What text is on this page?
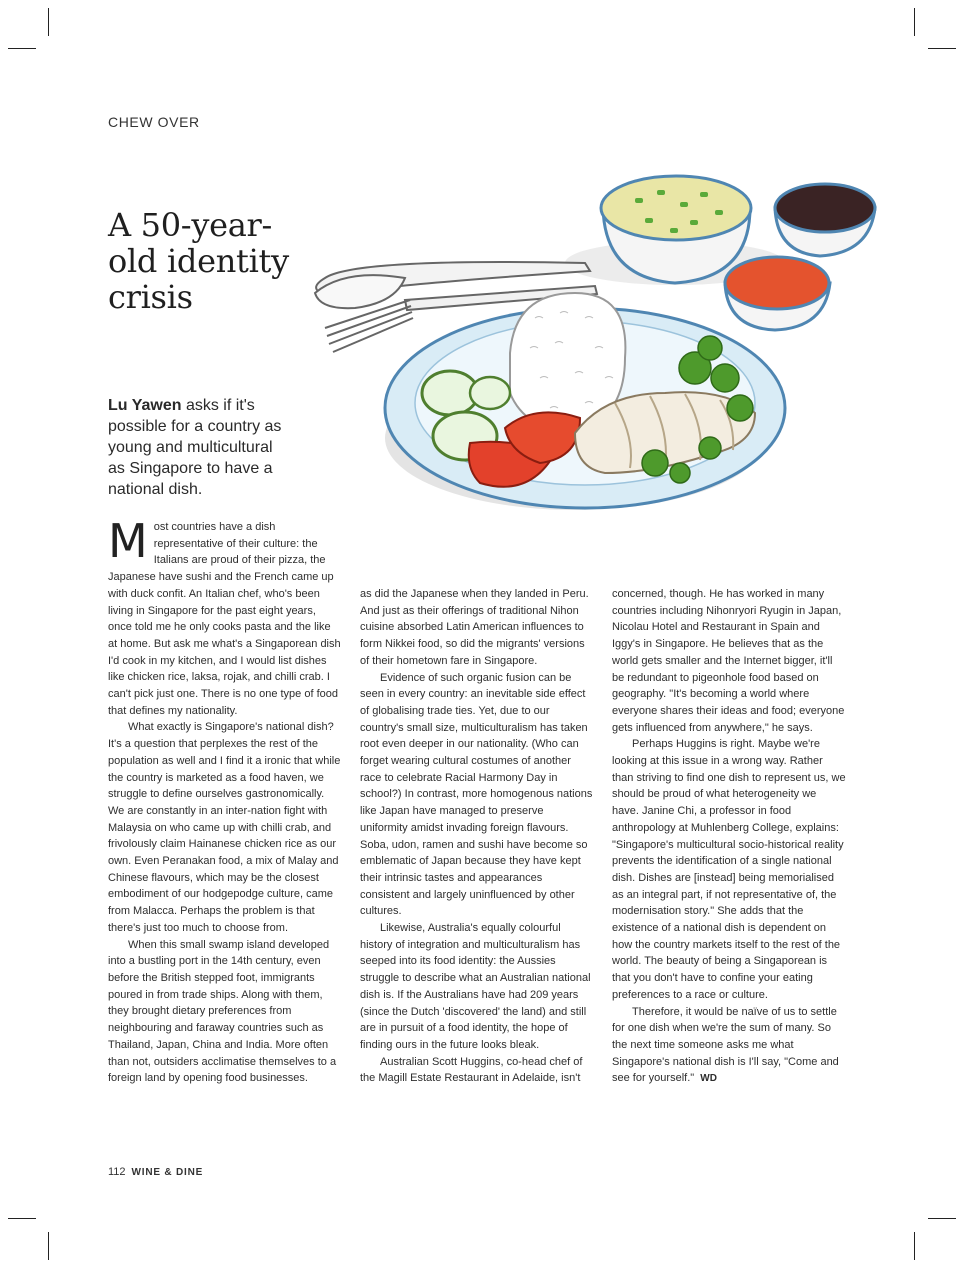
CHEW OVER
A 50-year-old identity crisis
Lu Yawen asks if it's possible for a country as young and multicultural as Singapore to have a national dish.
M ost countries have a dish representative of their culture: the Italians are proud of their pizza, the Japanese have sushi and the French came up with duck confit. An Italian chef, who's been living in Singapore for the past eight years, once told me he only cooks pasta and the like at home. But ask me what's a Singaporean dish I'd cook in my kitchen, and I would list dishes like chicken rice, laksa, rojak, and chilli crab. I can't pick just one. There is no one type of food that defines my nationality.

What exactly is Singapore's national dish? It's a question that perplexes the rest of the population as well and I find it a ironic that while the country is marketed as a food haven, we struggle to define ourselves gastronomically. We are constantly in an inter-nation fight with Malaysia on who came up with chilli crab, and frivolously claim Hainanese chicken rice as our own. Even Peranakan food, a mix of Malay and Chinese flavours, which may be the closest embodiment of our hodgepodge culture, came from Malacca. Perhaps the problem is that there's just too much to choose from.

When this small swamp island developed into a bustling port in the 14th century, even before the British stepped foot, immigrants poured in from trade ships. Along with them, they brought dietary preferences from neighbouring and faraway countries such as Thailand, Japan, China and India. More often than not, outsiders acclimatise themselves to a foreign land by opening food businesses.

as did the Japanese when they landed in Peru. And just as their offerings of traditional Nihon cuisine absorbed Latin American influences to form Nikkei food, so did the migrants' versions of their hometown fare in Singapore.

Evidence of such organic fusion can be seen in every country: an inevitable side effect of globalising trade ties. Yet, due to our country's small size, multiculturalism has taken root even deeper in our nationality. (Who can forget wearing cultural costumes of another race to celebrate Racial Harmony Day in school?) In contrast, more homogenous nations like Japan have managed to preserve uniformity amidst invading foreign flavours. Soba, udon, ramen and sushi have become so emblematic of Japan because they have kept their intrinsic tastes and appearances consistent and largely uninfluenced by other cultures.

Likewise, Australia's equally colourful history of integration and multiculturalism has seeped into its food identity: the Aussies struggle to describe what an Australian national dish is. If the Australians have had 209 years (since the Dutch 'discovered' the land) and still are in pursuit of a food identity, the hope of finding ours in the future looks bleak.

Australian Scott Huggins, co-head chef of the Magill Estate Restaurant in Adelaide, isn't

concerned, though. He has worked in many countries including Nihonryori Ryugin in Japan, Nicolau Hotel and Restaurant in Spain and Iggy's in Singapore. He believes that as the world gets smaller and the Internet bigger, it'll be redundant to pigeonhole food based on geography. "It's becoming a world where everyone shares their ideas and food; everyone gets influenced from anywhere," he says.

Perhaps Huggins is right. Maybe we're looking at this issue in a wrong way. Rather than striving to find one dish to represent us, we should be proud of what heterogeneity we have. Janine Chi, a professor in food anthropology at Muhlenberg College, explains: "Singapore's multicultural socio-historical reality prevents the identification of a single national dish. Dishes are [instead] being memorialised as an integral part, if not representative of, the modernisation story." She adds that the existence of a national dish is dependent on how the country markets itself to the rest of the world. The beauty of being a Singaporean is that you don't have to confine your eating preferences to a race or culture.

Therefore, it would be naïve of us to settle for one dish when we're the sum of many. So the next time someone asks me what Singapore's national dish is I'll say, "Come and see for yourself." WD

112 WINE & DINE
